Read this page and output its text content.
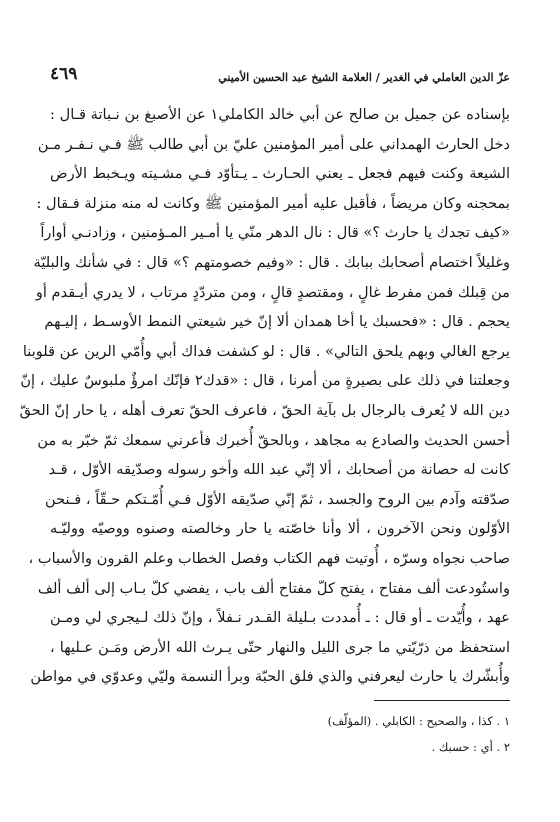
عزّ الدين العاملي في الغدير / العلامة الشيخ عبد الحسين الأميني
٤٦٩
بإسناده عن جميل بن صالح عن أبي خالد الكاملي١ عن الأصبغ بن نـباتة قـال :
دخل الحارث الهمداني على أمير المؤمنين عليّ بن أبي طالب ﷺ فـي نـفـر مـن
الشيعة وكنت فيهم فجعل ـ يعني الحـارث ـ يـتأوّد فـي مشـيته ويـخبط الأرض
بمحجنه وكان مريضاً ، فأقبل عليه أمير المؤمنين ﷺ وكانت له منه منزلة فـقال :
«كيف تجدك يا حارث ؟» قال : نال الدهر منّي يا أمـير المـؤمنين ، وزادنـي أواراً
وغليلاً اختصام أصحابك ببابك . قال : «وفيم خصومتهم ؟» قال : في شأنك والبليّة
من قِبلك فمن مفرط غالٍ ، ومقتصدٍ قالٍ ، ومن متردّدٍ مرتاب ، لا يدري أيـقدم أو
يحجم . قال : «فحسبك يا أخا همدان ألا إنّ خير شيعتي النمط الأوسـط ، إليـهم
يرجع الغالي وبهم يلحق التالي» . قال : لو كشفت فداك أبي وأُمّي الرين عن قلوبنا
وجعلتنا في ذلك على بصيرةٍ من أمرنا ، قال : «قدك٢ فإنّك امرؤٌ ملبوسٌ عليك ، إنّ
دين الله لا يُعرف بالرجال بل بآية الحقّ ، فاعرف الحقّ تعرف أهله ، يا حار إنّ الحقّ
أحسن الحديث والصادع به مجاهد ، وبالحقّ أُخبرك فأعرني سمعك ثمّ خبّر به من
كانت له حصانة من أصحابك ، ألا إنّي عبد الله وأخو رسوله وصدّيقه الأوّل ، قـد
صدّقته وآدم بين الروح والجسد ، ثمّ إنّي صدّيقه الأوّل فـي أُمّـتكم حـقّاً ، فـنحن
الأوّلون ونحن الآخرون ، ألا وأنا خاصّته يا حار وخالصته وصنوه ووصيّه ووليّـه
صاحب نجواه وسرّه ، أُوتيت فهم الكتاب وفصل الخطاب وعلم القرون والأسباب ،
واستُودعت ألف مفتاح ، يفتح كلّ مفتاح ألف باب ، يفضي كلّ بـاب إلى ألف ألف
عهد ، وأُيّدت ـ أو قال : ـ أُمددت بـليلة القـدر نـفلاً ، وإنّ ذلك لـيجري لي ومـن
استحفظ من ذرّيّتي ما جرى الليل والنهار حتّى يـرث الله الأرض ومَـن عـليها ،
وأُبشّرك يا حارث ليعرفني والذي فلق الحبّة وبرأ النسمة وليّي وعدوّي في مواطن
١ . كذا ، والصحيح : الكابلي . (المؤلّف)
٢ . أي : حسبك .
